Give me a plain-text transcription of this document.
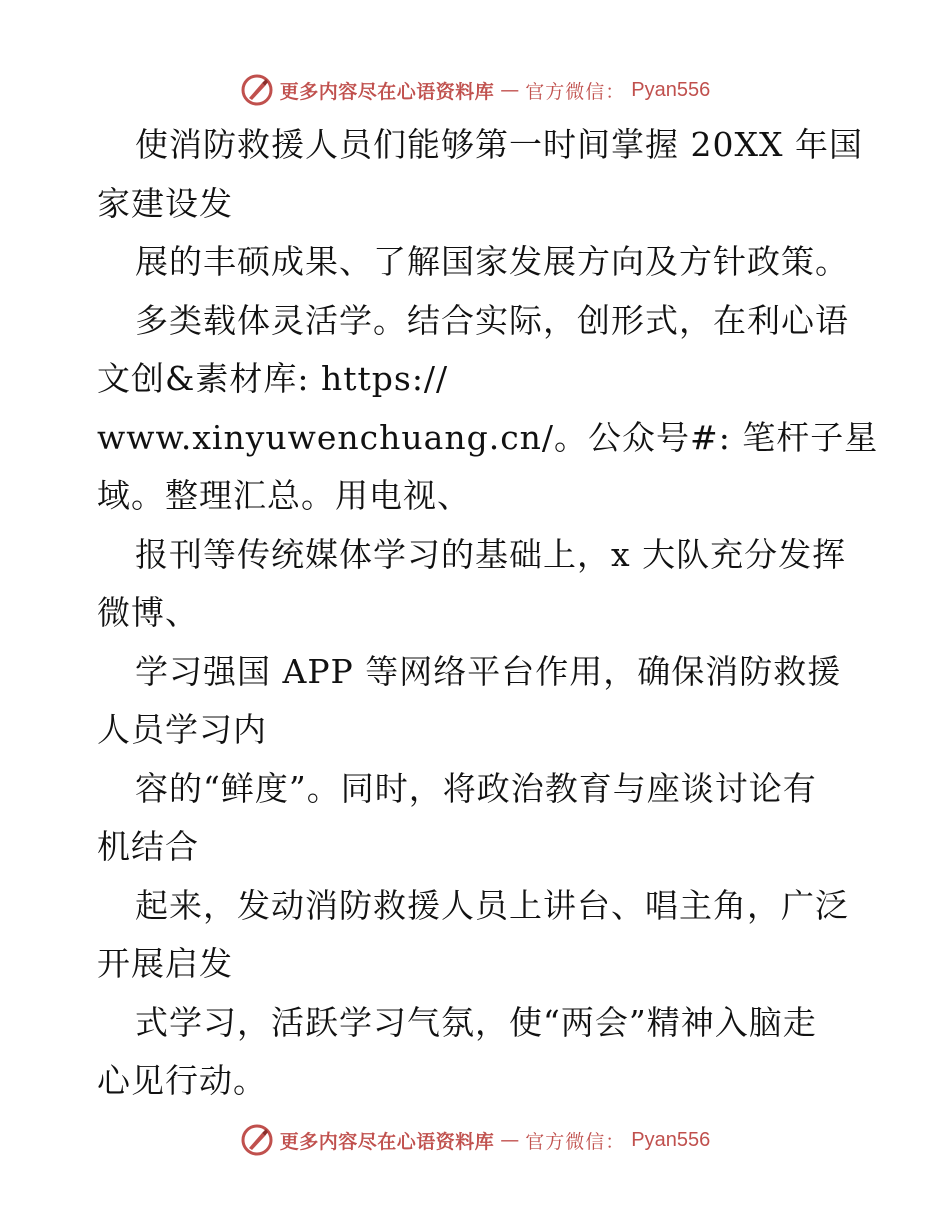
更多内容尽在心语资料库 — 官方微信： Pyan556

使消防救援人员们能够第一时间掌握 20XX 年国

家建设发

展的丰硕成果、了解国家发展方向及方针政策。

多类载体灵活学。结合实际，创形式，在利心语

文创&素材库: https://

www.xinyuwenchuang.cn/。公众号#: 笔杆子星

域。整理汇总。用电视、

报刊等传统媒体学习的基础上，x 大队充分发挥

微博、

学习强国 APP 等网络平台作用，确保消防救援

人员学习内

容的“鲜度”。同时，将政治教育与座谈讨论有

机结合

起来，发动消防救援人员上讲台、唱主角，广泛

开展启发

式学习，活跃学习气氛，使“两会”精神入脑走

心见行动。

更多内容尽在心语资料库 — 官方微信： Pyan556
